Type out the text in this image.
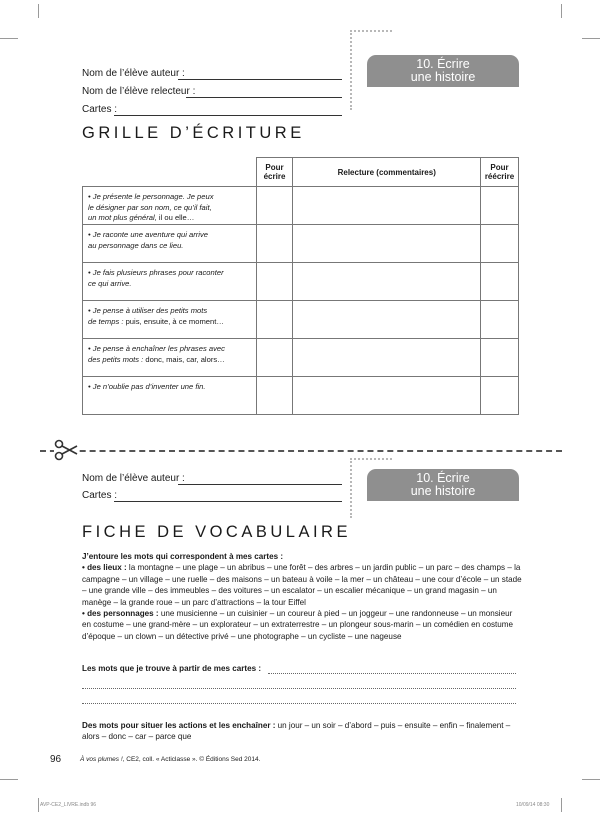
Nom de l’élève auteur :
Nom de l’élève relecteur :
Cartes :
10. Écrire
une histoire
GRILLE D’ÉCRITURE
	Pour écrire	Relecture (commentaires)	Pour réécrire

• Je présente le personnage. Je peux
le désigner par son nom, ce qu’il fait,
un mot plus général, il ou elle…			

• Je raconte une aventure qui arrive
au personnage dans ce lieu.			

• Je fais plusieurs phrases pour raconter
ce qui arrive.			

• Je pense à utiliser des petits mots
de temps : puis, ensuite, à ce moment…			

• Je pense à enchaîner les phrases avec
des petits mots : donc, mais, car, alors…			

• Je n’oublie pas d’inventer une fin.			

Nom de l’élève auteur :
Cartes :
10. Écrire
une histoire
FICHE DE VOCABULAIRE
J’entoure les mots qui correspondent à mes cartes :
• des lieux : la montagne – une plage – un abribus – une forêt – des arbres – un jardin public – un parc – des champs – la campagne – un village – une ruelle – des maisons – un bateau à voile – la mer – un château – une cour d’école – un stade – une grande ville – des immeubles – des voitures – un escalator – un escalier mécanique – un grand magasin – un manège – la grande roue – un parc d’attractions – la tour Eiffel
• des personnages : une musicienne – un cuisinier – un coureur à pied – un joggeur – une randonneuse – un monsieur en costume – une grand-mère – un explorateur – un extraterrestre – un plongeur sous-marin – un comédien en costume d’époque – un clown – un détective privé – une photographe – un cycliste – une nageuse
Les mots que je trouve à partir de mes cartes :
Des mots pour situer les actions et les enchaîner : un jour – un soir – d’abord – puis – ensuite – enfin – finalement – alors – donc – car – parce que
96	À vos plumes !, CE2, coll. « Acticlasse ». © Éditions Sed 2014.
AVP-CE2_LIVRE.indb 96	10/09/14 08:30
